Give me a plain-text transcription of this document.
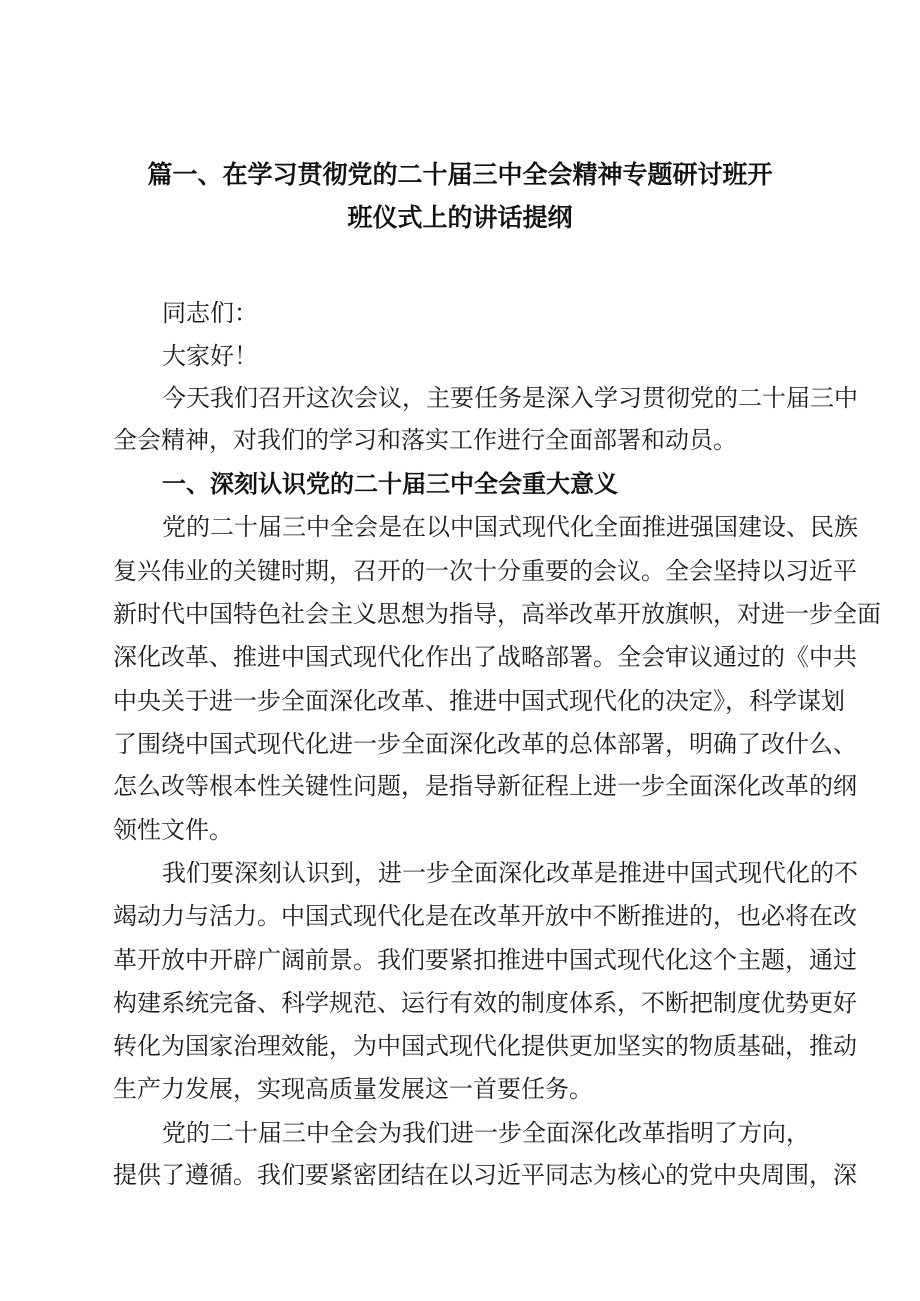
篇一、在学习贯彻党的二十届三中全会精神专题研讨班开
班仪式上的讲话提纲
同志们：
大家好！
今天我们召开这次会议，主要任务是深入学习贯彻党的二十届三中
全会精神，对我们的学习和落实工作进行全面部署和动员。
一、深刻认识党的二十届三中全会重大意义
党的二十届三中全会是在以中国式现代化全面推进强国建设、民族
复兴伟业的关键时期，召开的一次十分重要的会议。全会坚持以习近平
新时代中国特色社会主义思想为指导，高举改革开放旗帜，对进一步全面
深化改革、推进中国式现代化作出了战略部署。全会审议通过的《中共
中央关于进一步全面深化改革、推进中国式现代化的决定》，科学谋划
了围绕中国式现代化进一步全面深化改革的总体部署，明确了改什么、
怎么改等根本性关键性问题，是指导新征程上进一步全面深化改革的纲
领性文件。
我们要深刻认识到，进一步全面深化改革是推进中国式现代化的不
竭动力与活力。中国式现代化是在改革开放中不断推进的，也必将在改
革开放中开辟广阔前景。我们要紧扣推进中国式现代化这个主题，通过
构建系统完备、科学规范、运行有效的制度体系，不断把制度优势更好
转化为国家治理效能，为中国式现代化提供更加坚实的物质基础，推动
生产力发展，实现高质量发展这一首要任务。
党的二十届三中全会为我们进一步全面深化改革指明了方向，
提供了遵循。我们要紧密团结在以习近平同志为核心的党中央周围，深
